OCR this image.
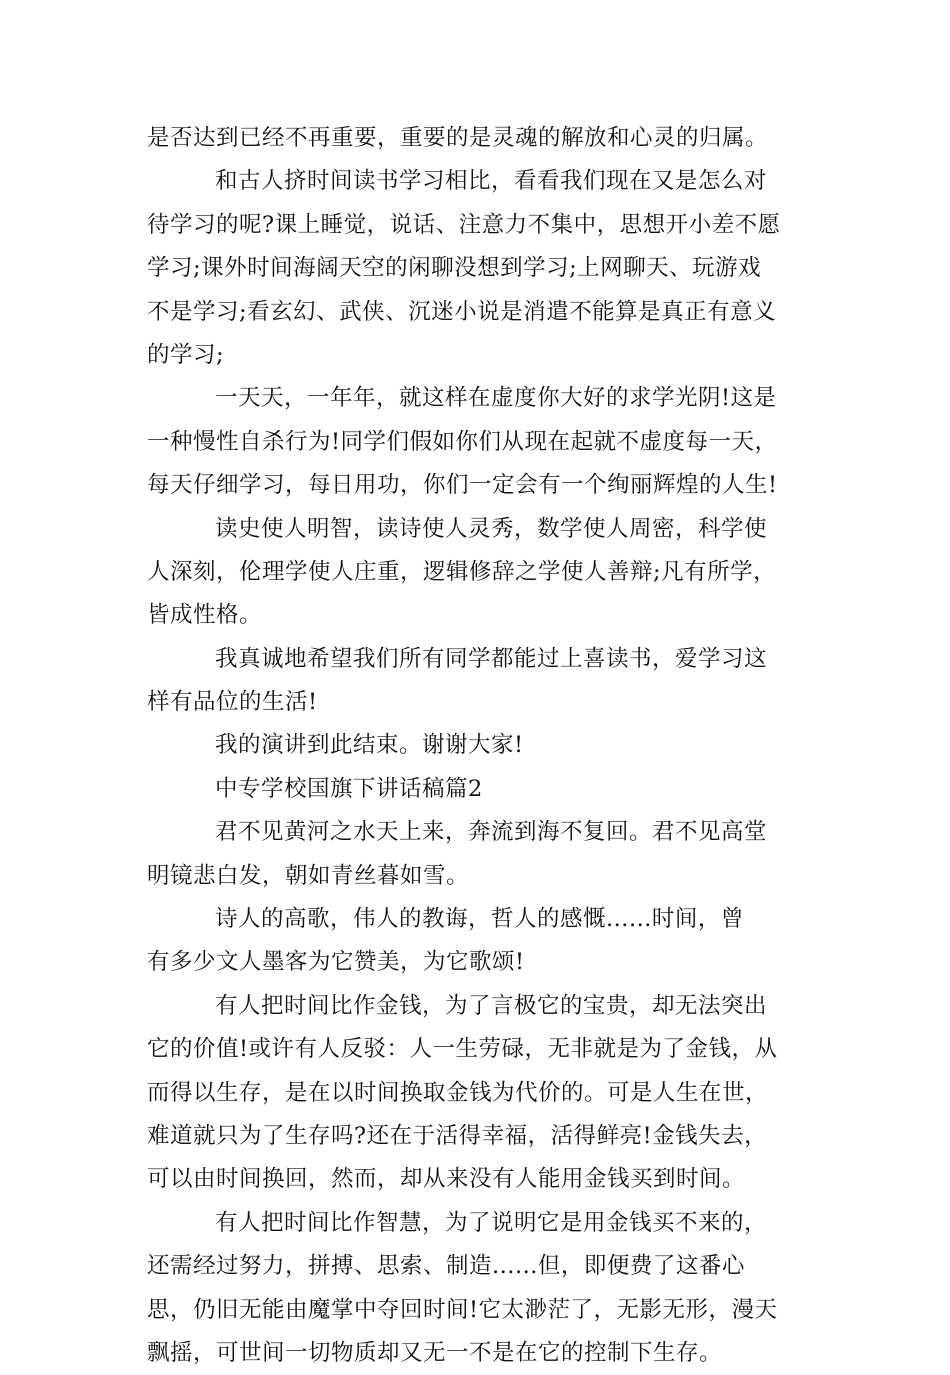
是否达到已经不再重要，重要的是灵魂的解放和心灵的归属。
和古人挤时间读书学习相比，看看我们现在又是怎么对
待学习的呢?课上睡觉，说话、注意力不集中，思想开小差不愿
学习;课外时间海阔天空的闲聊没想到学习;上网聊天、玩游戏
不是学习;看玄幻、武侠、沉迷小说是消遣不能算是真正有意义
的学习;
一天天，一年年，就这样在虚度你大好的求学光阴!这是
一种慢性自杀行为!同学们假如你们从现在起就不虚度每一天，
每天仔细学习，每日用功，你们一定会有一个绚丽辉煌的人生!
读史使人明智，读诗使人灵秀，数学使人周密，科学使
人深刻，伦理学使人庄重，逻辑修辞之学使人善辩;凡有所学，
皆成性格。
我真诚地希望我们所有同学都能过上喜读书，爱学习这
样有品位的生活!
我的演讲到此结束。谢谢大家!
中专学校国旗下讲话稿篇2
君不见黄河之水天上来，奔流到海不复回。君不见高堂
明镜悲白发，朝如青丝暮如雪。
诗人的高歌，伟人的教诲，哲人的感慨......时间，曾
有多少文人墨客为它赞美，为它歌颂!
有人把时间比作金钱，为了言极它的宝贵，却无法突出
它的价值!或许有人反驳：人一生劳碌，无非就是为了金钱，从
而得以生存，是在以时间换取金钱为代价的。可是人生在世，
难道就只为了生存吗?还在于活得幸福，活得鲜亮!金钱失去，
可以由时间换回，然而，却从来没有人能用金钱买到时间。
有人把时间比作智慧，为了说明它是用金钱买不来的，
还需经过努力，拼搏、思索、制造......但，即便费了这番心
思，仍旧无能由魔掌中夺回时间!它太渺茫了，无影无形，漫天
飘摇，可世间一切物质却又无一不是在它的控制下生存。
